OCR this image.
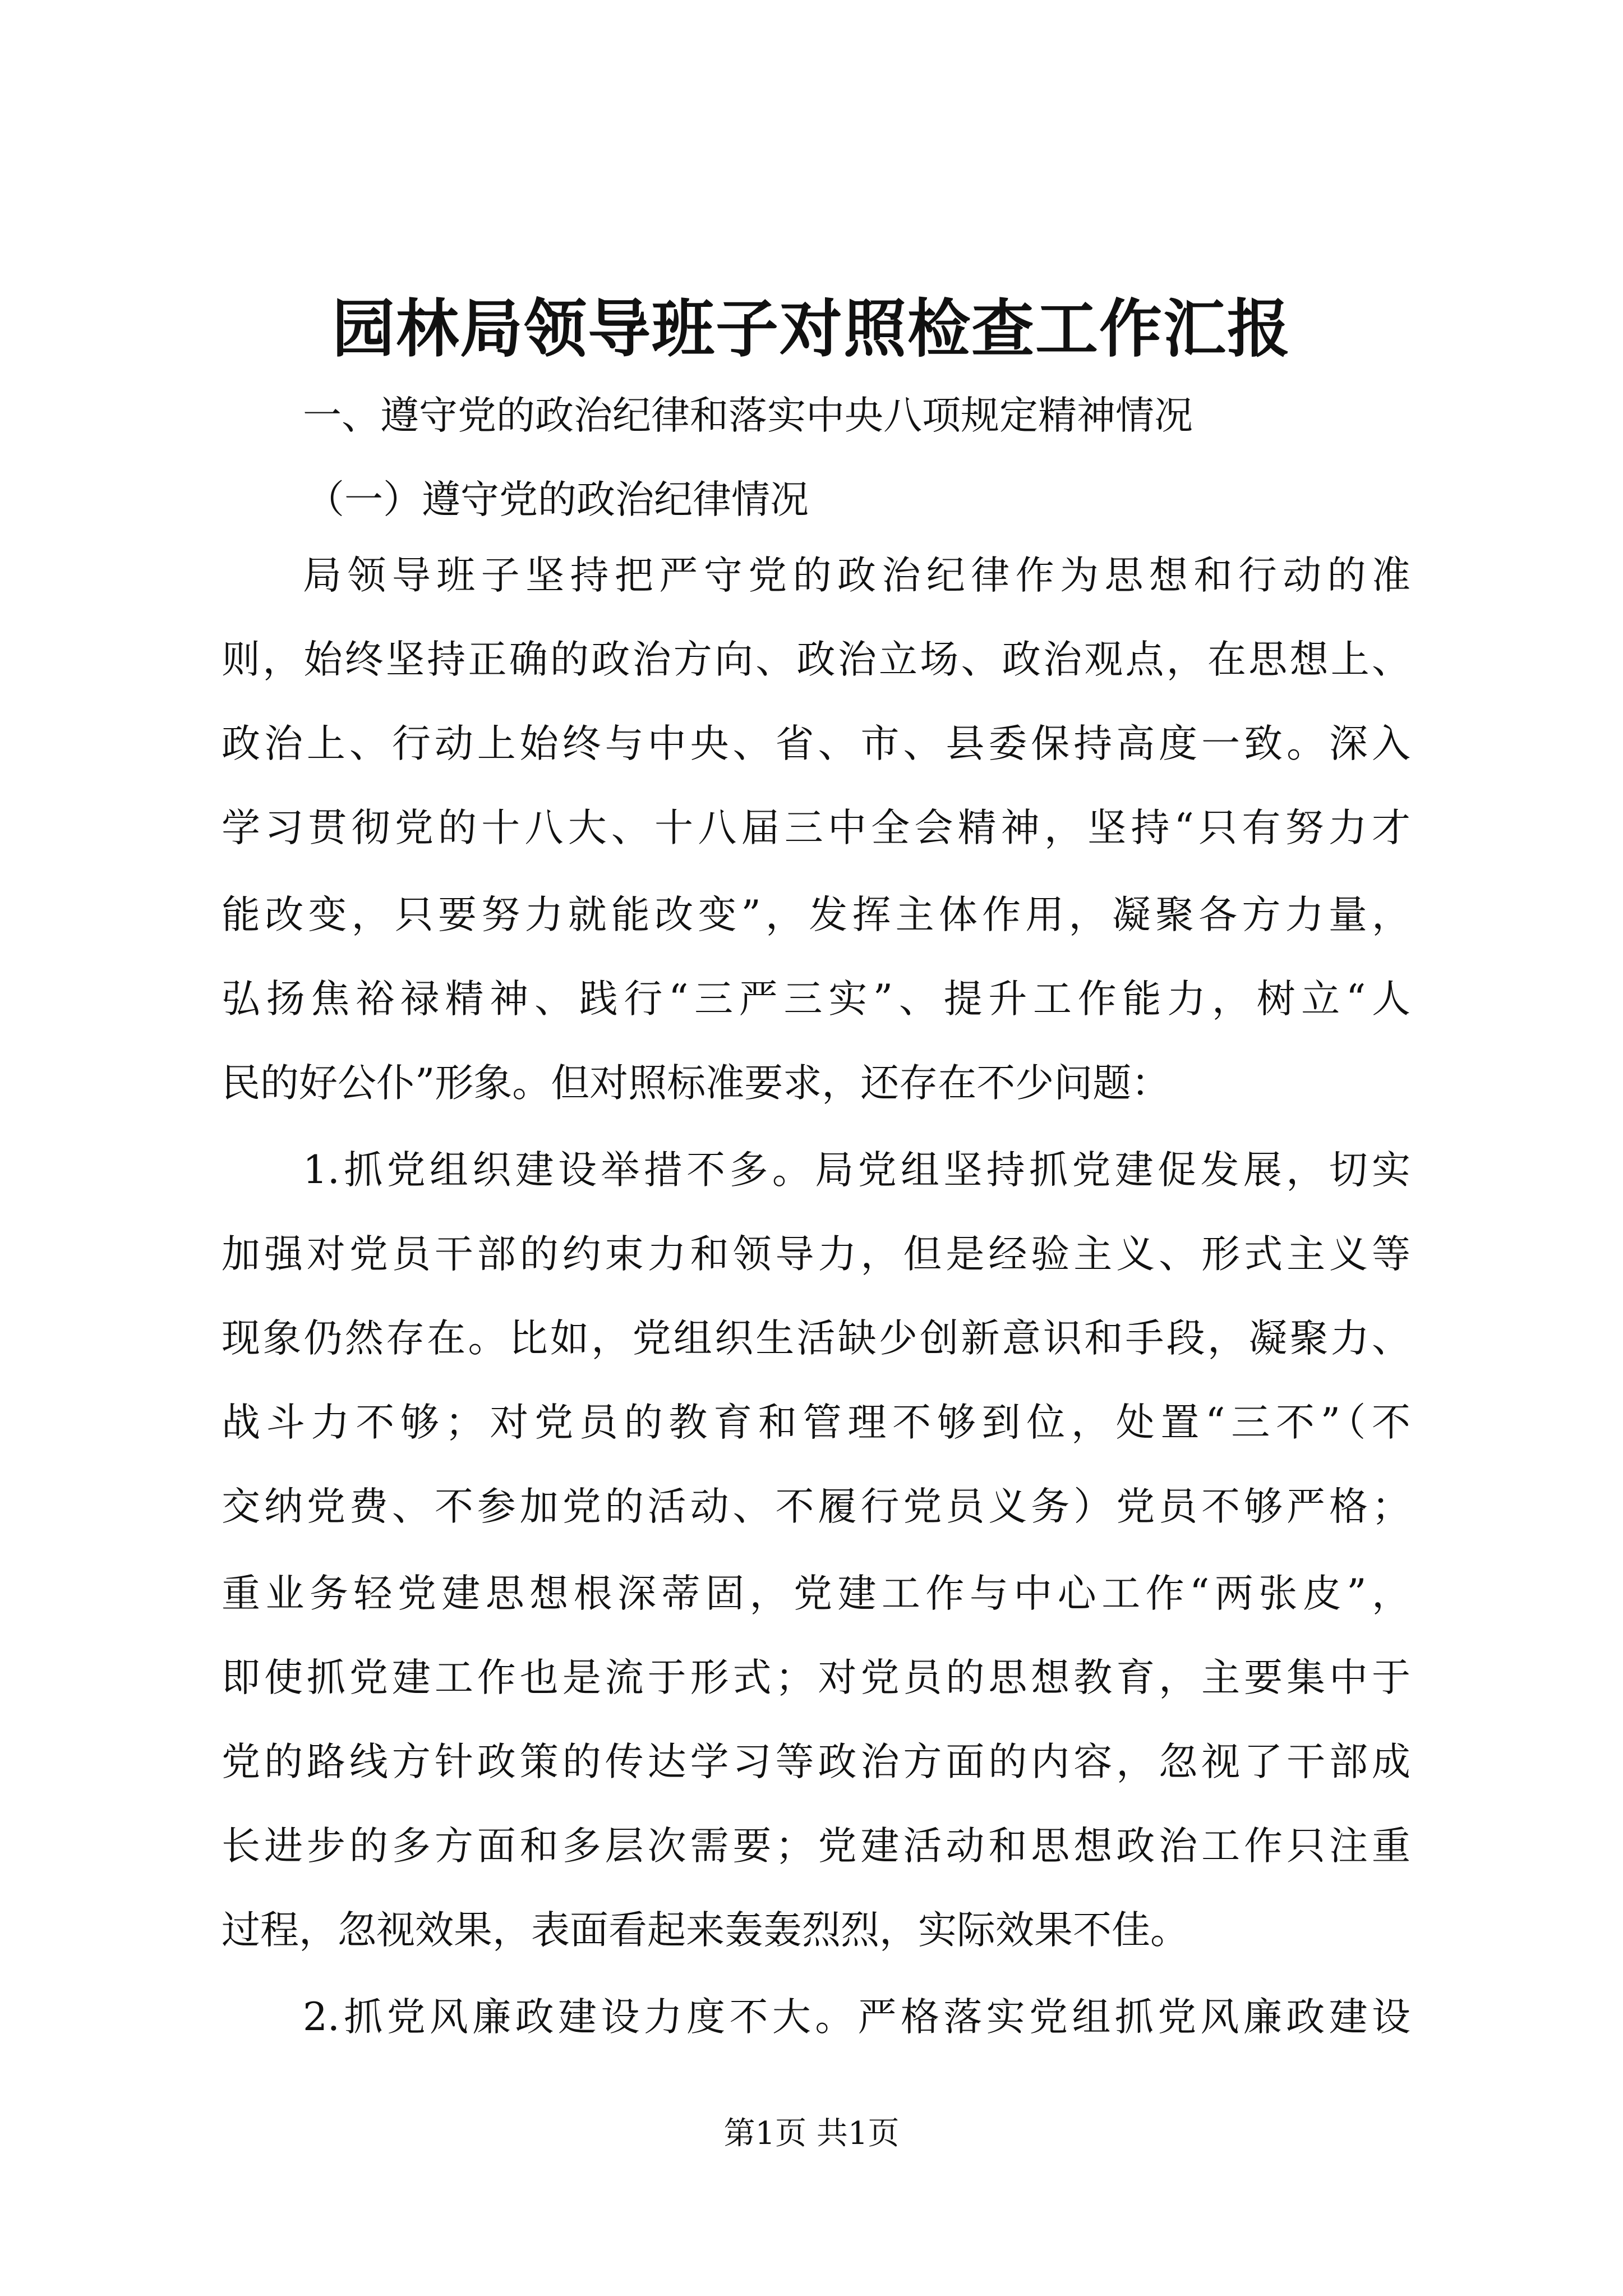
园林局领导班子对照检查工作汇报
一、遵守党的政治纪律和落实中央八项规定精神情况
（一）遵守党的政治纪律情况
局领导班子坚持把严守党的政治纪律作为思想和行动的准
则，始终坚持正确的政治方向、政治立场、政治观点，在思想上、
政治上、行动上始终与中央、省、市、县委保持高度一致。深入
学习贯彻党的十八大、十八届三中全会精神，坚持“只有努力才
能改变，只要努力就能改变”，发挥主体作用，凝聚各方力量，
弘扬焦裕禄精神、践行“三严三实”、提升工作能力，树立“人
民的好公仆”形象。但对照标准要求，还存在不少问题：
1.抓党组织建设举措不多。局党组坚持抓党建促发展，切实
加强对党员干部的约束力和领导力，但是经验主义、形式主义等
现象仍然存在。比如，党组织生活缺少创新意识和手段，凝聚力、
战斗力不够；对党员的教育和管理不够到位，处置“三不”（不
交纳党费、不参加党的活动、不履行党员义务）党员不够严格；
重业务轻党建思想根深蒂固，党建工作与中心工作“两张皮”，
即使抓党建工作也是流于形式；对党员的思想教育，主要集中于
党的路线方针政策的传达学习等政治方面的内容，忽视了干部成
长进步的多方面和多层次需要；党建活动和思想政治工作只注重
过程，忽视效果，表面看起来轰轰烈烈，实际效果不佳。
2.抓党风廉政建设力度不大。严格落实党组抓党风廉政建设
第1页 共1页
